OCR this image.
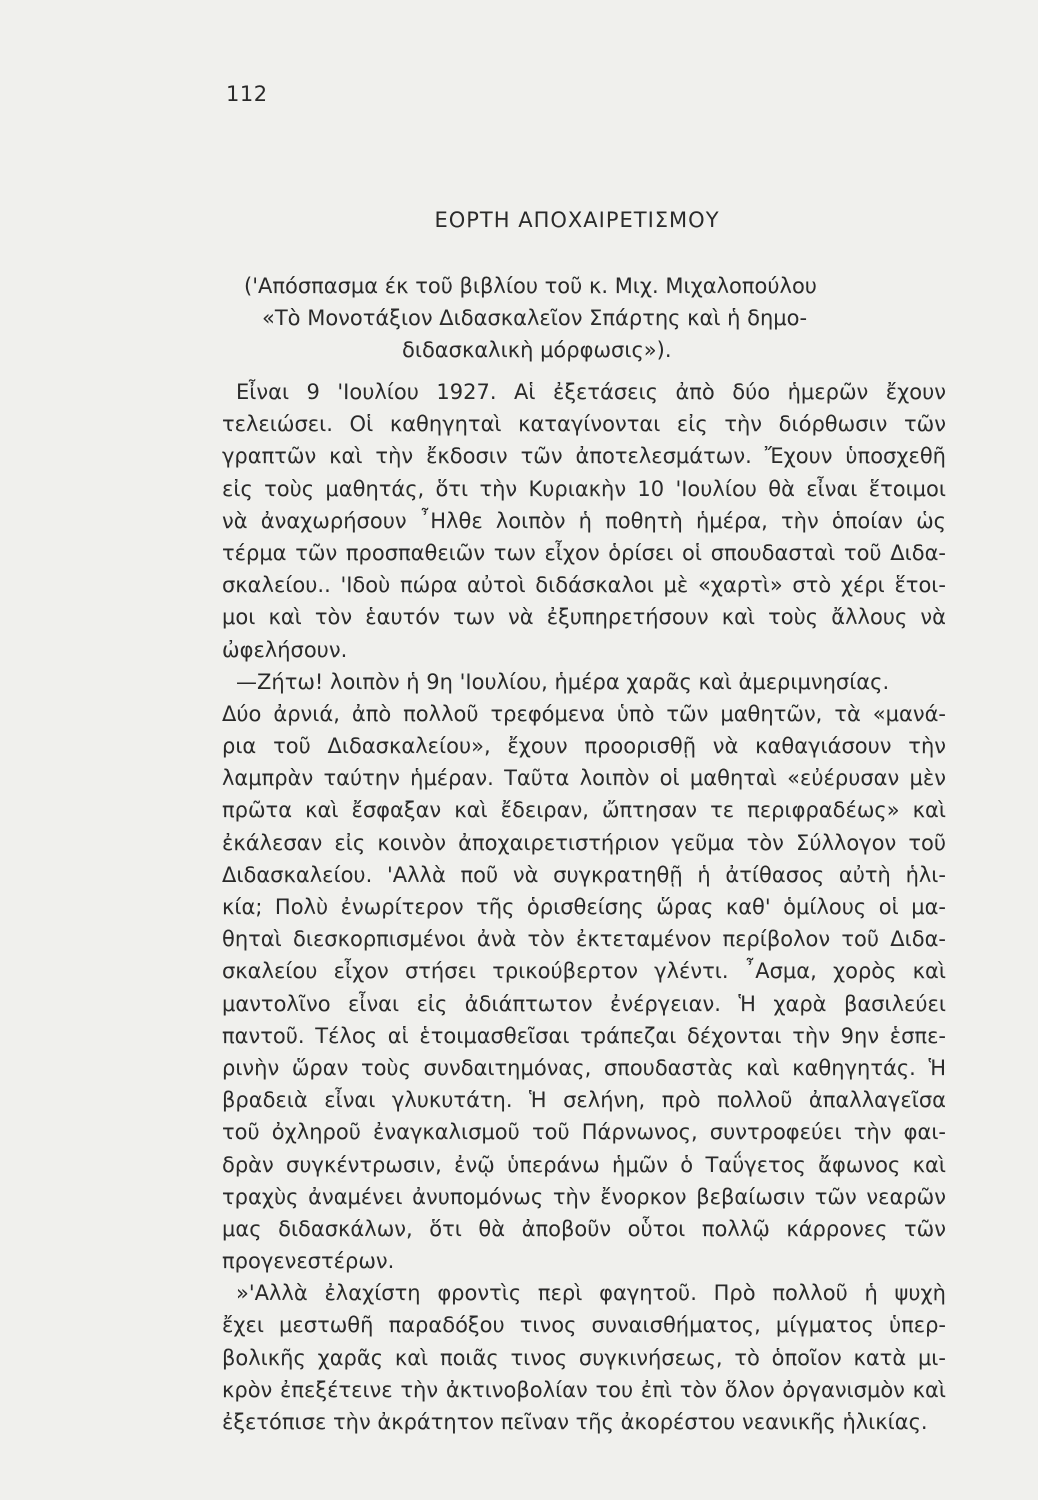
112
ΕΟΡΤΗ ΑΠΟΧΑΙΡΕΤΙΣΜΟΥ
('Απόσπασμα έκ τοῦ βιβλίου τοῦ κ. Μιχ. Μιχαλοπούλου
«Τὸ Μονοτάξιον Διδασκαλεῖον Σπάρτης καὶ ἡ δημο-
διδασκαλικὴ μόρφωσις»).
Εἶναι 9 'Ιουλίου 1927. Αἱ ἐξετάσεις ἀπὸ δύο ἡμερῶν ἔχουν
τελειώσει. Οἱ καθηγηταὶ καταγίνονται εἰς τὴν διόρθωσιν τῶν
γραπτῶν καὶ τὴν ἔκδοσιν τῶν ἀποτελεσμάτων. Ἔχουν ὑποσχεθῆ
εἰς τοὺς μαθητάς, ὅτι τὴν Κυριακὴν 10 'Ιουλίου θὰ εἶναι ἕτοιμοι
νὰ ἀναχωρήσουν ῏Ηλθε λοιπὸν ἡ ποθητὴ ἡμέρα, τὴν ὁποίαν ὡς
τέρμα τῶν προσπαθειῶν των εἶχον ὁρίσει οἱ σπουδασταὶ τοῦ Διδα-
σκαλείου.. 'Ιδοὺ πώρα αὐτοὶ διδάσκαλοι μὲ «χαρτὶ» στὸ χέρι ἕτοι-
μοι καὶ τὸν ἑαυτόν των νὰ ἐξυπηρετήσουν καὶ τοὺς ἄλλους νὰ
ὠφελήσουν.
—Ζήτω! λοιπὸν ἡ 9η 'Ιουλίου, ἡμέρα χαρᾶς καὶ ἀμεριμνησίας.
Δύο ἀρνιά, ἀπὸ πολλοῦ τρεφόμενα ὑπὸ τῶν μαθητῶν, τὰ «μανά-
ρια τοῦ Διδασκαλείου», ἔχουν προορισθῇ νὰ καθαγιάσουν τὴν
λαμπρὰν ταύτην ἡμέραν. Ταῦτα λοιπὸν οἱ μαθηταὶ «εὐέρυσαν μὲν
πρῶτα καὶ ἔσφαξαν καὶ ἔδειραν, ὤπτησαν τε περιφραδέως» καὶ
ἐκάλεσαν εἰς κοινὸν ἀποχαιρετιστήριον γεῦμα τὸν Σύλλογον τοῦ
Διδασκαλείου. 'Αλλὰ ποῦ νὰ συγκρατηθῇ ἡ ἀτίθασος αὐτὴ ἡλι-
κία; Πολὺ ἐνωρίτερον τῆς ὁρισθείσης ὥρας καθ' ὁμίλους οἱ μα-
θηταὶ διεσκορπισμένοι ἀνὰ τὸν ἐκτεταμένον περίβολον τοῦ Διδα-
σκαλείου εἶχον στήσει τρικούβερτον γλέντι. ῏Ασμα, χορὸς καὶ
μαντολῖνο εἶναι εἰς ἀδιάπτωτον ἐνέργειαν. Ἡ χαρὰ βασιλεύει
παντοῦ. Τέλος αἱ ἑτοιμασθεῖσαι τράπεζαι δέχονται τὴν 9ην ἑσπε-
ρινὴν ὥραν τοὺς συνδαιτημόνας, σπουδαστὰς καὶ καθηγητάς. Ἡ
βραδειὰ εἶναι γλυκυτάτη. Ἡ σελήνη, πρὸ πολλοῦ ἀπαλλαγεῖσα
τοῦ ὀχληροῦ ἐναγκαλισμοῦ τοῦ Πάρνωνος, συντροφεύει τὴν φαι-
δρὰν συγκέντρωσιν, ἐνῷ ὑπεράνω ἡμῶν ὁ Ταΰγετος ἄφωνος καὶ
τραχὺς ἀναμένει ἀνυπομόνως τὴν ἔνορκον βεβαίωσιν τῶν νεαρῶν
μας διδασκάλων, ὅτι θὰ ἀποβοῦν οὗτοι πολλῷ κάρρονες τῶν
προγενεστέρων.
»'Αλλὰ ἐλαχίστη φροντὶς περὶ φαγητοῦ. Πρὸ πολλοῦ ἡ ψυχὴ
ἔχει μεστωθῆ παραδόξου τινος συναισθήματος, μίγματος ὑπερ-
βολικῆς χαρᾶς καὶ ποιᾶς τινος συγκινήσεως, τὸ ὁποῖον κατὰ μι-
κρὸν ἐπεξέτεινε τὴν ἀκτινοβολίαν του ἐπὶ τὸν ὅλον ὀργανισμὸν καὶ
ἐξετόπισε τὴν ἀκράτητον πεῖναν τῆς ἀκορέστου νεανικῆς ἡλικίας.
